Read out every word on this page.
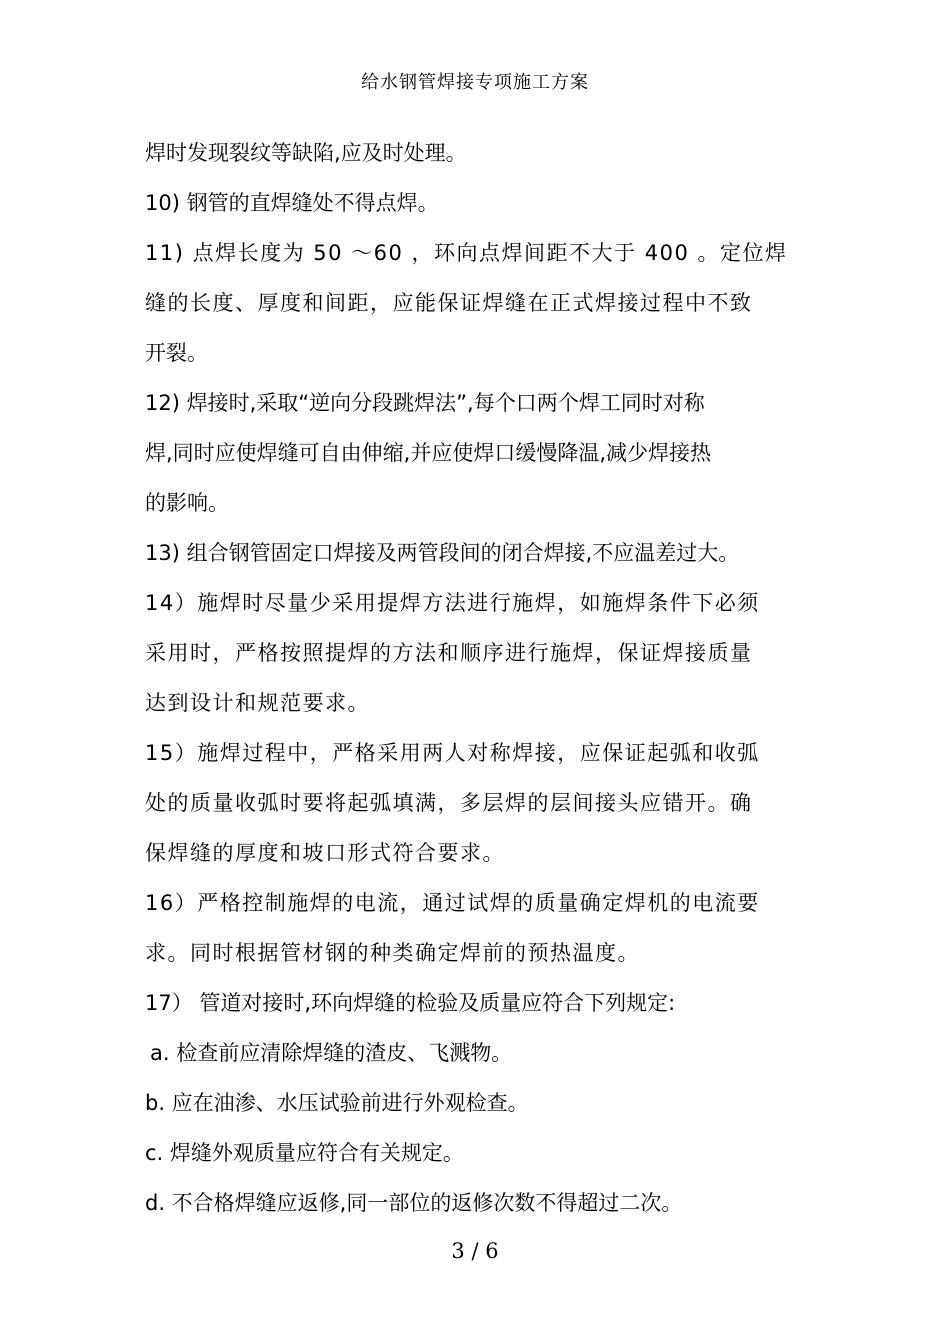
给水钢管焊接专项施工方案
焊时发现裂纹等缺陷,应及时处理。
10) 钢管的直焊缝处不得点焊。
11) 点焊长度为 50 ～60 ，环向点焊间距不大于 400 。定位焊
缝的长度、厚度和间距，应能保证焊缝在正式焊接过程中不致
开裂。
12) 焊接时,采取“逆向分段跳焊法”,每个口两个焊工同时对称
焊,同时应使焊缝可自由伸缩,并应使焊口缓慢降温,减少焊接热
的影响。
13) 组合钢管固定口焊接及两管段间的闭合焊接,不应温差过大。
14）施焊时尽量少采用提焊方法进行施焊，如施焊条件下必须
采用时，严格按照提焊的方法和顺序进行施焊，保证焊接质量
达到设计和规范要求。
15）施焊过程中，严格采用两人对称焊接，应保证起弧和收弧
处的质量收弧时要将起弧填满，多层焊的层间接头应错开。确
保焊缝的厚度和坡口形式符合要求。
16）严格控制施焊的电流，通过试焊的质量确定焊机的电流要
求。同时根据管材钢的种类确定焊前的预热温度。
17） 管道对接时,环向焊缝的检验及质量应符合下列规定:
a. 检查前应清除焊缝的渣皮、飞溅物。
b. 应在油渗、水压试验前进行外观检查。
c. 焊缝外观质量应符合有关规定。
d. 不合格焊缝应返修,同一部位的返修次数不得超过二次。
3 / 6
